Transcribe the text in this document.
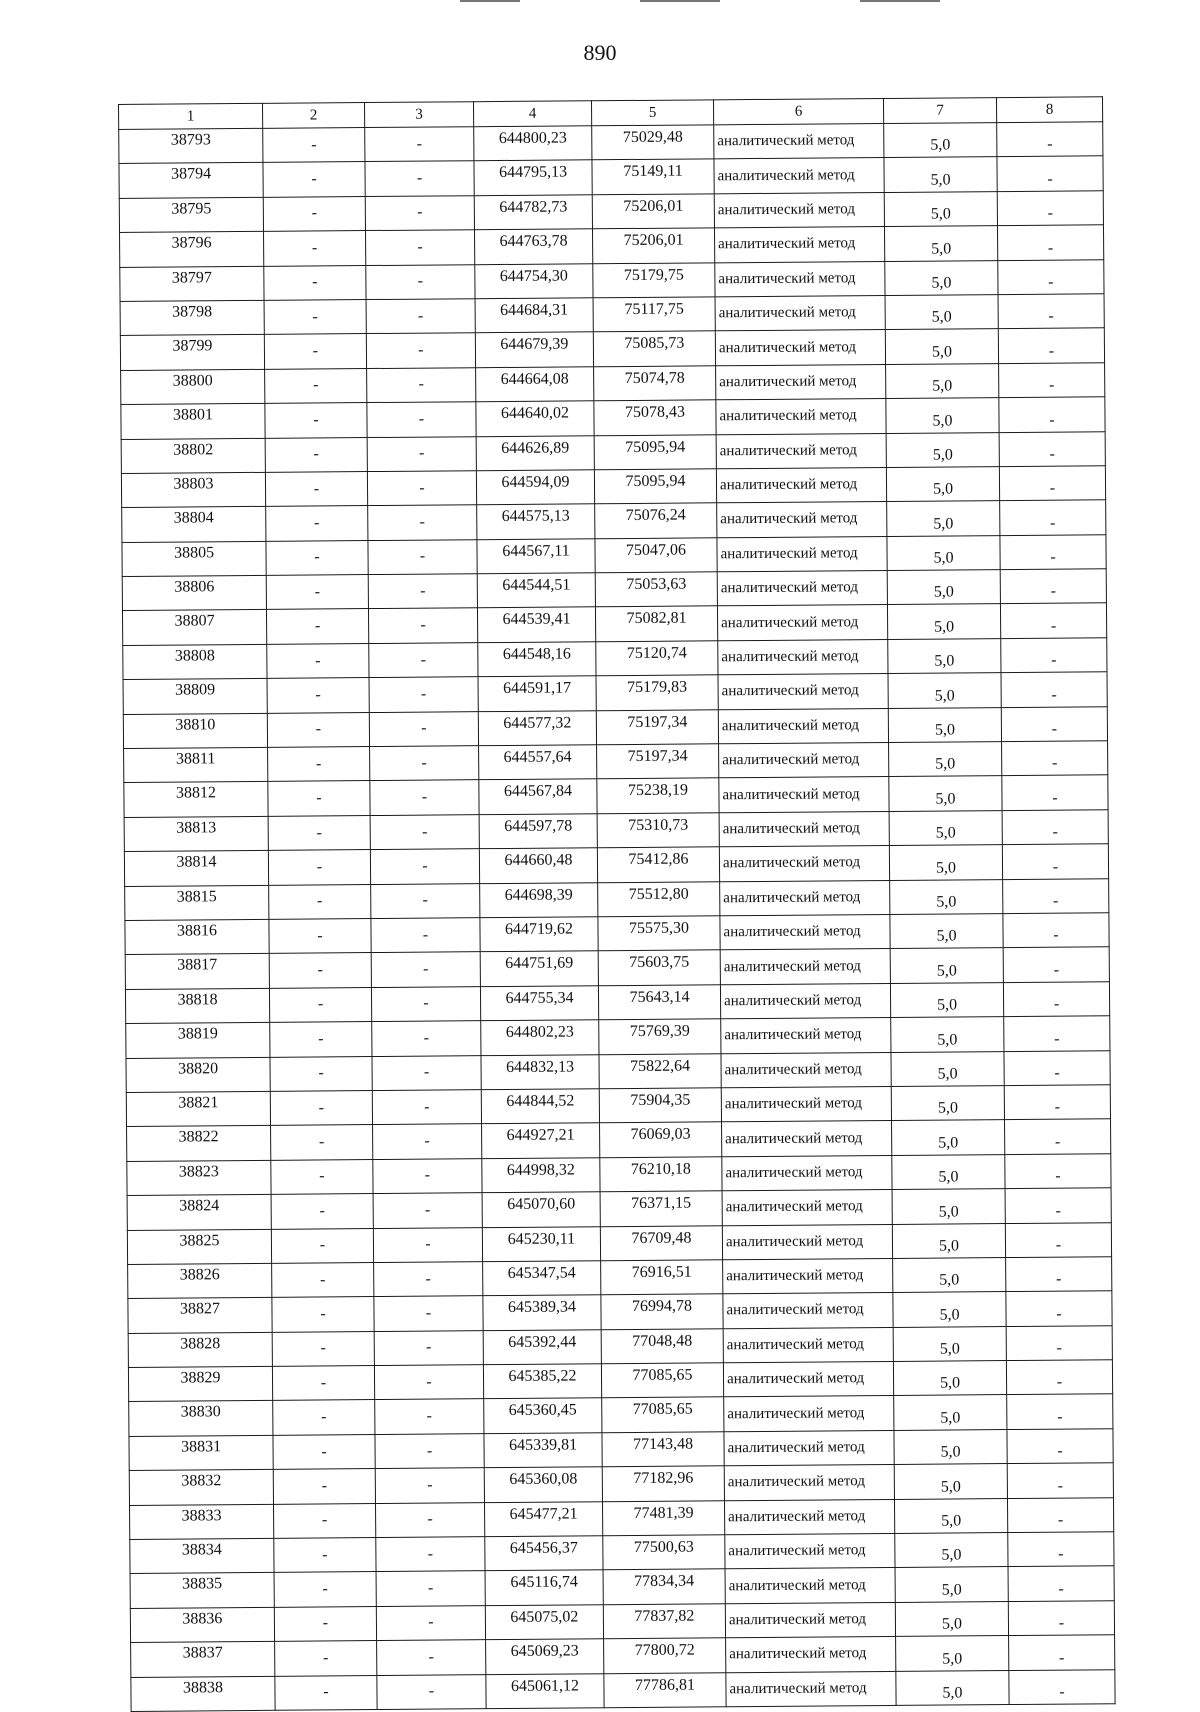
890
1	2	3	4	5	6	7	8
38793	-	-	644800,23	75029,48	аналитический метод	5,0	-
38794	-	-	644795,13	75149,11	аналитический метод	5,0	-
38795	-	-	644782,73	75206,01	аналитический метод	5,0	-
38796	-	-	644763,78	75206,01	аналитический метод	5,0	-
38797	-	-	644754,30	75179,75	аналитический метод	5,0	-
38798	-	-	644684,31	75117,75	аналитический метод	5,0	-
38799	-	-	644679,39	75085,73	аналитический метод	5,0	-
38800	-	-	644664,08	75074,78	аналитический метод	5,0	-
38801	-	-	644640,02	75078,43	аналитический метод	5,0	-
38802	-	-	644626,89	75095,94	аналитический метод	5,0	-
38803	-	-	644594,09	75095,94	аналитический метод	5,0	-
38804	-	-	644575,13	75076,24	аналитический метод	5,0	-
38805	-	-	644567,11	75047,06	аналитический метод	5,0	-
38806	-	-	644544,51	75053,63	аналитический метод	5,0	-
38807	-	-	644539,41	75082,81	аналитический метод	5,0	-
38808	-	-	644548,16	75120,74	аналитический метод	5,0	-
38809	-	-	644591,17	75179,83	аналитический метод	5,0	-
38810	-	-	644577,32	75197,34	аналитический метод	5,0	-
38811	-	-	644557,64	75197,34	аналитический метод	5,0	-
38812	-	-	644567,84	75238,19	аналитический метод	5,0	-
38813	-	-	644597,78	75310,73	аналитический метод	5,0	-
38814	-	-	644660,48	75412,86	аналитический метод	5,0	-
38815	-	-	644698,39	75512,80	аналитический метод	5,0	-
38816	-	-	644719,62	75575,30	аналитический метод	5,0	-
38817	-	-	644751,69	75603,75	аналитический метод	5,0	-
38818	-	-	644755,34	75643,14	аналитический метод	5,0	-
38819	-	-	644802,23	75769,39	аналитический метод	5,0	-
38820	-	-	644832,13	75822,64	аналитический метод	5,0	-
38821	-	-	644844,52	75904,35	аналитический метод	5,0	-
38822	-	-	644927,21	76069,03	аналитический метод	5,0	-
38823	-	-	644998,32	76210,18	аналитический метод	5,0	-
38824	-	-	645070,60	76371,15	аналитический метод	5,0	-
38825	-	-	645230,11	76709,48	аналитический метод	5,0	-
38826	-	-	645347,54	76916,51	аналитический метод	5,0	-
38827	-	-	645389,34	76994,78	аналитический метод	5,0	-
38828	-	-	645392,44	77048,48	аналитический метод	5,0	-
38829	-	-	645385,22	77085,65	аналитический метод	5,0	-
38830	-	-	645360,45	77085,65	аналитический метод	5,0	-
38831	-	-	645339,81	77143,48	аналитический метод	5,0	-
38832	-	-	645360,08	77182,96	аналитический метод	5,0	-
38833	-	-	645477,21	77481,39	аналитический метод	5,0	-
38834	-	-	645456,37	77500,63	аналитический метод	5,0	-
38835	-	-	645116,74	77834,34	аналитический метод	5,0	-
38836	-	-	645075,02	77837,82	аналитический метод	5,0	-
38837	-	-	645069,23	77800,72	аналитический метод	5,0	-
38838	-	-	645061,12	77786,81	аналитический метод	5,0	-
